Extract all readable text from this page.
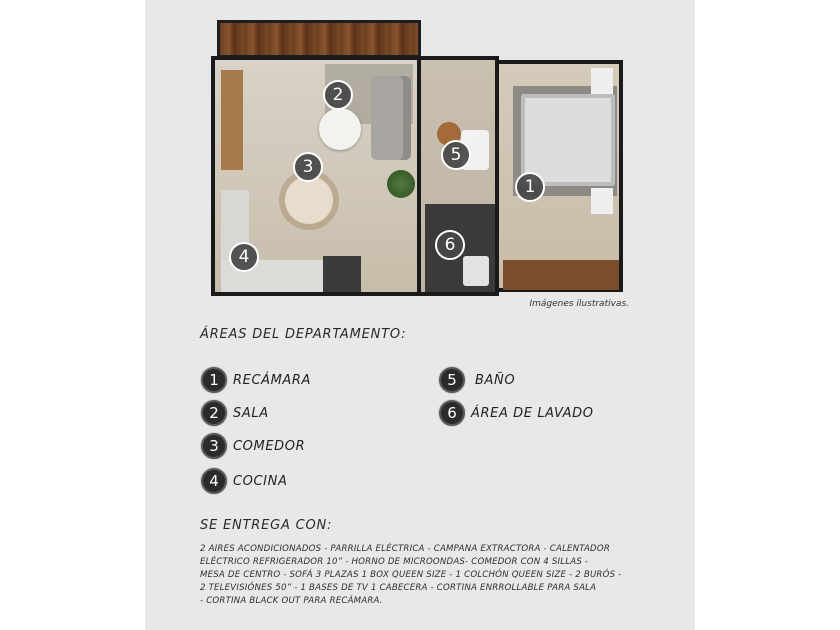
2
3
4
5
6
1
Imágenes ilustrativas.
ÁREAS DEL DEPARTAMENTO:
1	RECÁMARA
2	SALA
3	COMEDOR
4	COCINA
5	BAÑO
6	ÁREA DE LAVADO
SE ENTREGA CON:
2 AIRES ACONDICIONADOS - PARRILLA ELÉCTRICA - CAMPANA EXTRACTORA - CALENTADOR
ELÉCTRICO REFRIGERADOR 10” - HORNO DE MICROONDAS- COMEDOR CON 4 SILLAS -
MESA DE CENTRO - SOFÁ 3 PLAZAS 1 BOX QUEEN SIZE - 1 COLCHÓN QUEEN SIZE - 2 BURÓS -
2 TELEVISIÓNES 50” - 1 BASES DE TV 1 CABECERA - CORTINA ENRROLLABLE PARA SALA
- CORTINA BLACK OUT PARA RECÁMARA.
